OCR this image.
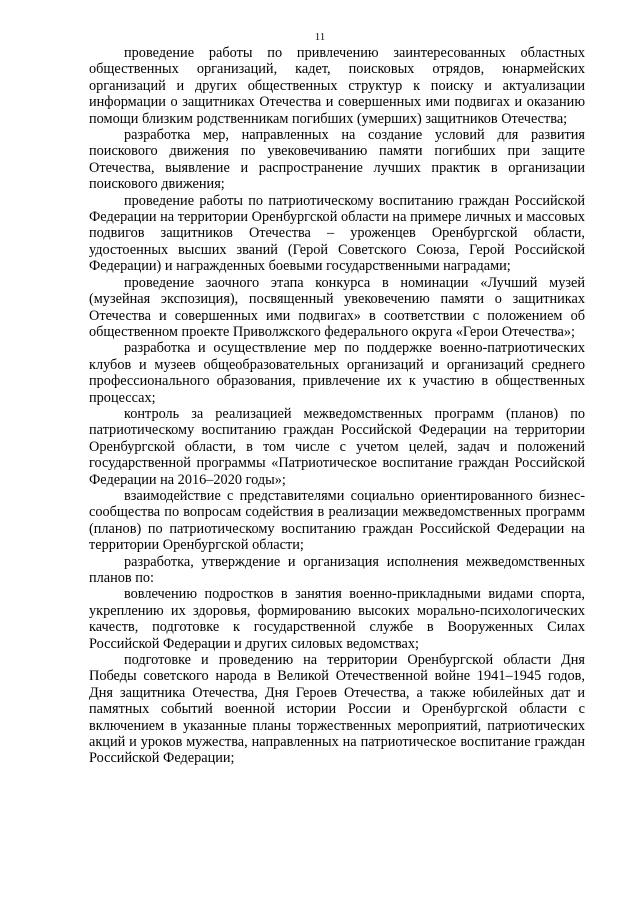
11

проведение работы по привлечению заинтересованных областных общественных организаций, кадет, поисковых отрядов, юнармейских организаций и других общественных структур к поиску и актуализации информации о защитниках Отечества и совершенных ими подвигах и оказанию помощи близким родственникам погибших (умерших) защитников Отечества;

разработка мер, направленных на создание условий для развития поискового движения по увековечиванию памяти погибших при защите Отечества, выявление и распространение лучших практик в организации поискового движения;

проведение работы по патриотическому воспитанию граждан Российской Федерации на территории Оренбургской области на примере личных и массовых подвигов защитников Отечества – уроженцев Оренбургской области, удостоенных высших званий (Герой Советского Союза, Герой Российской Федерации) и награжденных боевыми государственными наградами;

проведение заочного этапа конкурса в номинации «Лучший музей (музейная экспозиция), посвященный увековечению памяти о защитниках Отечества и совершенных ими подвигах» в соответствии с положением об общественном проекте Приволжского федерального округа «Герои Отечества»;

разработка и осуществление мер по поддержке военно-патриотических клубов и музеев общеобразовательных организаций и организаций среднего профессионального образования, привлечение их к участию в общественных процессах;

контроль за реализацией межведомственных программ (планов) по патриотическому воспитанию граждан Российской Федерации на территории Оренбургской области, в том числе с учетом целей, задач и положений государственной программы «Патриотическое воспитание граждан Российской Федерации на 2016–2020 годы»;

взаимодействие с представителями социально ориентированного бизнес-сообщества по вопросам содействия в реализации межведомственных программ (планов) по патриотическому воспитанию граждан Российской Федерации на территории Оренбургской области;

разработка, утверждение и организация исполнения межведомственных планов по:

вовлечению подростков в занятия военно-прикладными видами спорта, укреплению их здоровья, формированию высоких морально-психологических качеств, подготовке к государственной службе в Вооруженных Силах Российской Федерации и других силовых ведомствах;

подготовке и проведению на территории Оренбургской области Дня Победы советского народа в Великой Отечественной войне 1941–1945 годов, Дня защитника Отечества, Дня Героев Отечества, а также юбилейных дат и памятных событий военной истории России и Оренбургской области с включением в указанные планы торжественных мероприятий, патриотических акций и уроков мужества, направленных на патриотическое воспитание граждан Российской Федерации;
